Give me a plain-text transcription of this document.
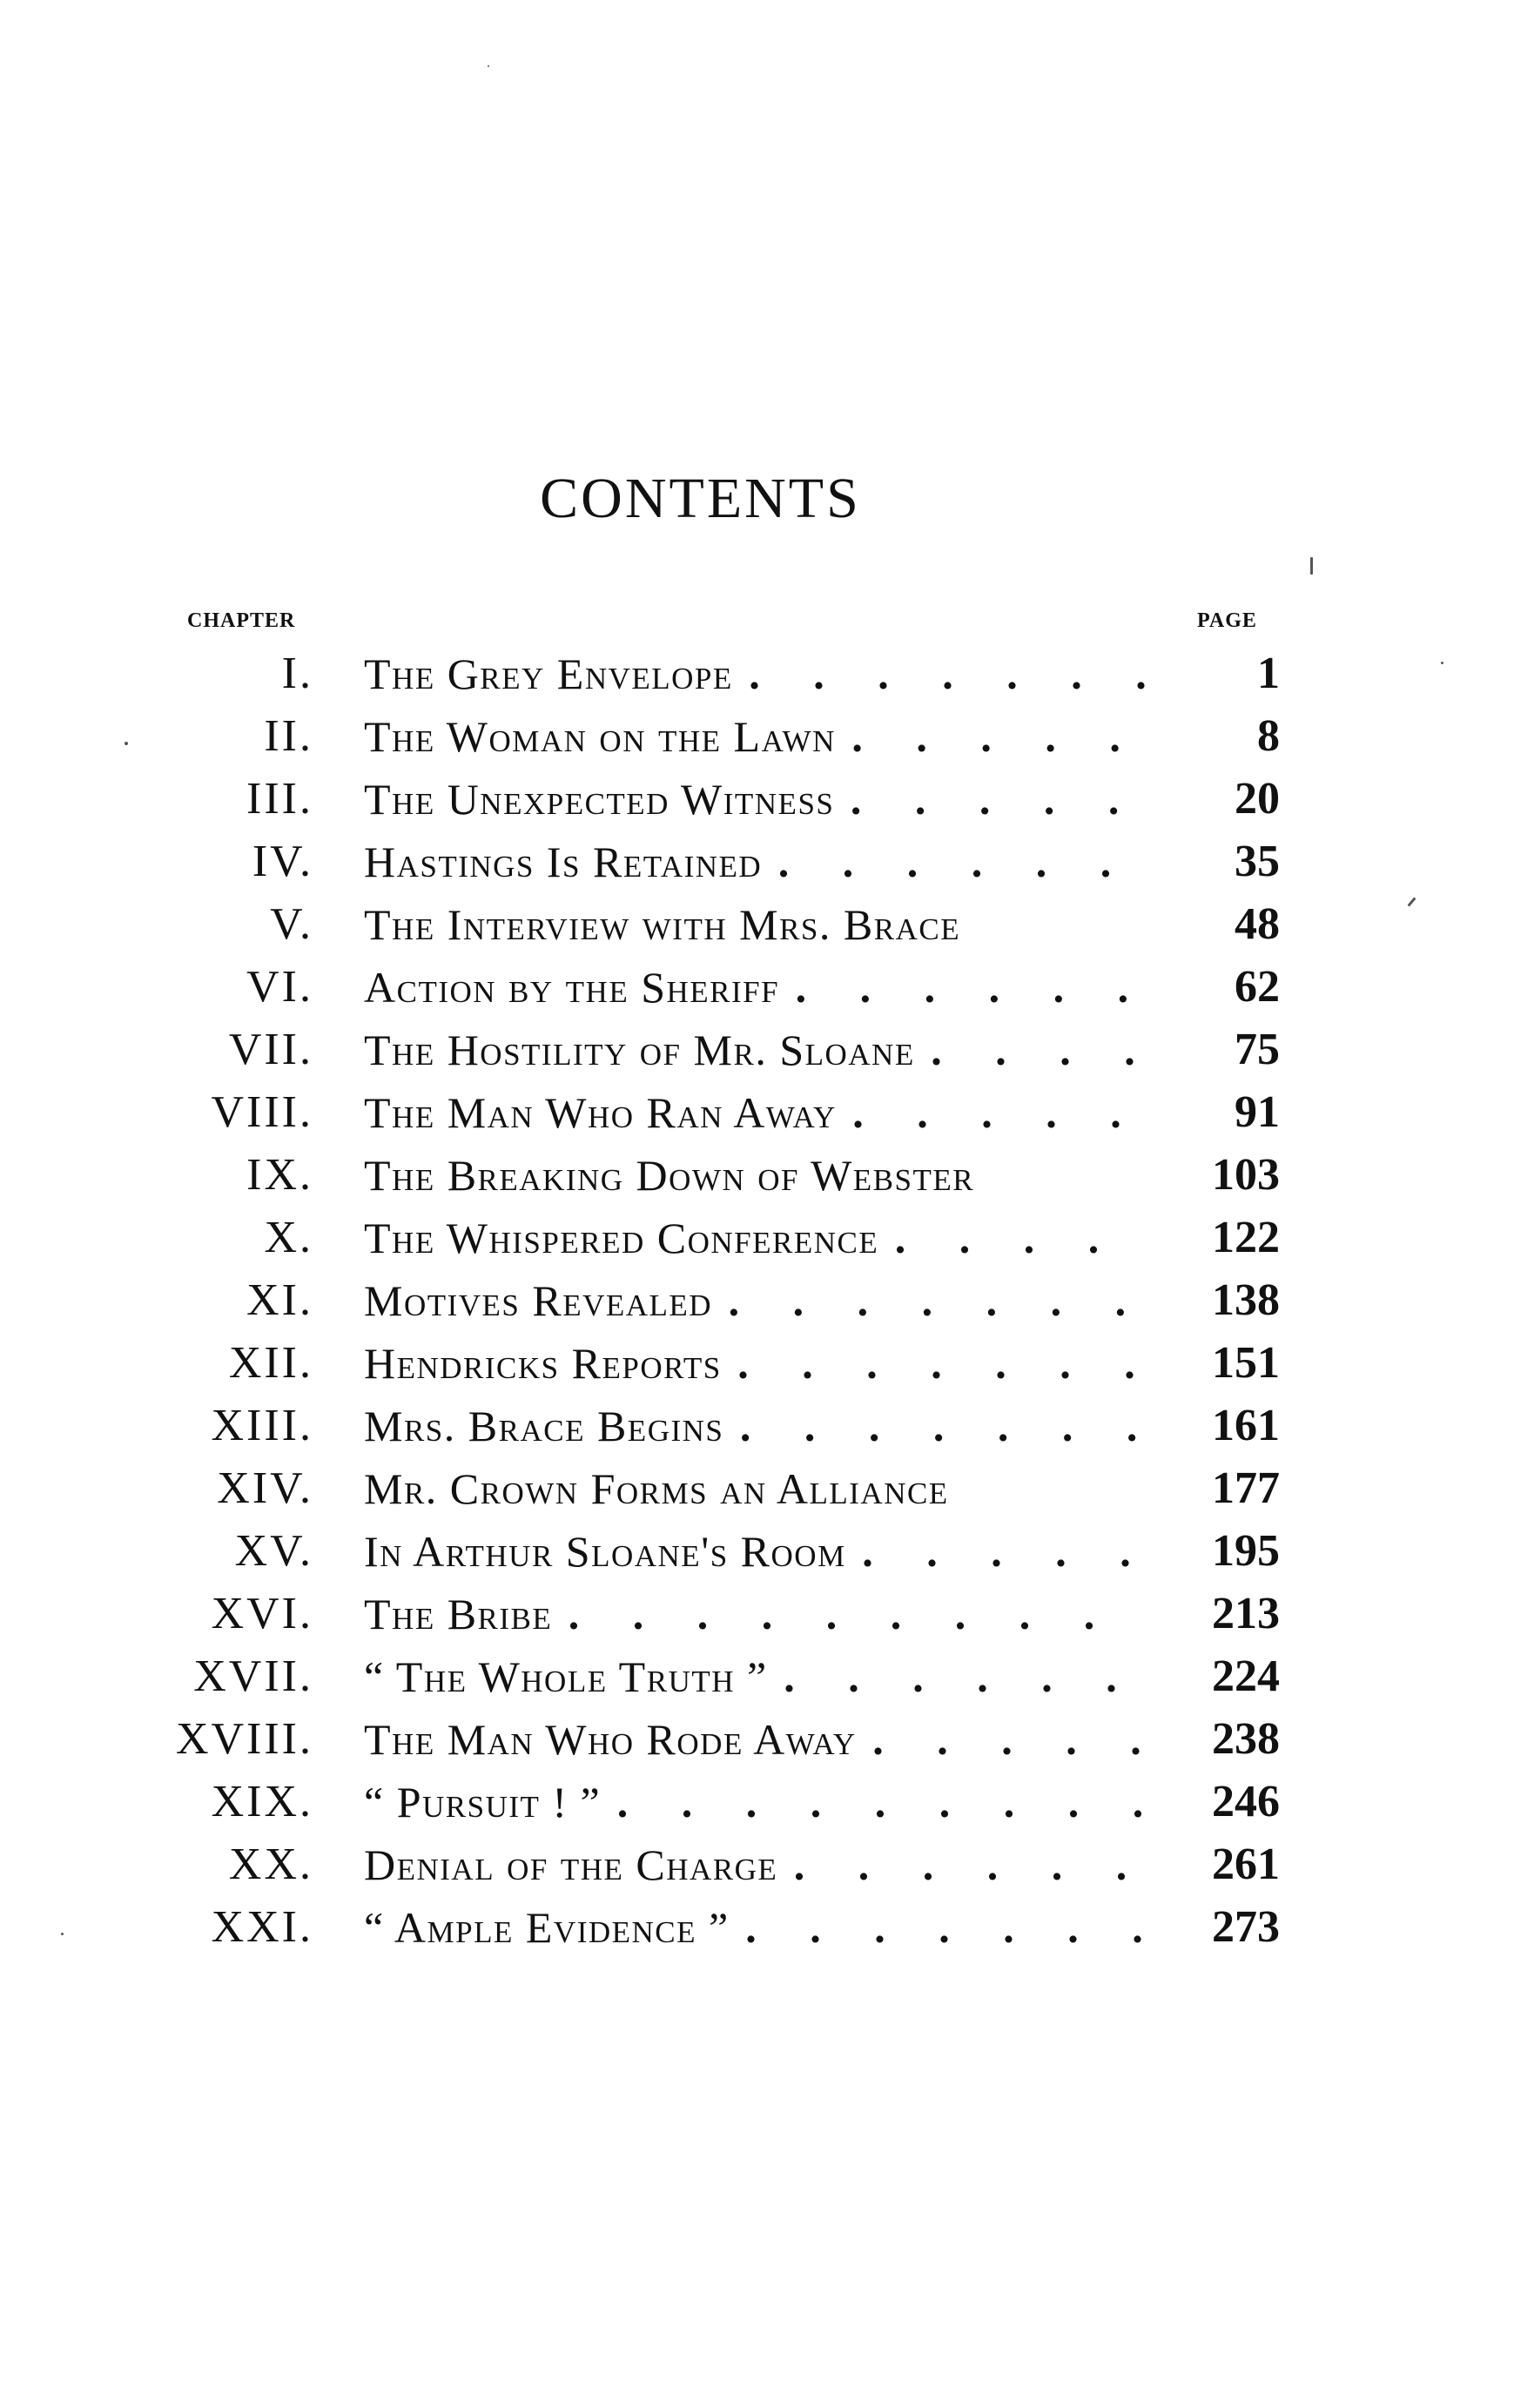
CONTENTS
CHAPTER	PAGE
I. The Grey Envelope . .	1
II. The Woman on the Lawn . .	8
III. The Unexpected Witness . .	20
IV. Hastings Is Retained . .	35
V. The Interview with Mrs. Brace	48
VI. Action by the Sheriff . .	62
VII. The Hostility of Mr. Sloane . .	75
VIII. The Man Who Ran Away . .	91
IX. The Breaking Down of Webster	103
X. The Whispered Conference . .	122
XI. Motives Revealed . .	138
XII. Hendricks Reports . .	151
XIII. Mrs. Brace Begins . .	161
XIV. Mr. Crown Forms an Alliance	177
XV. In Arthur Sloane's Room . .	195
XVI. The Bribe . .	213
XVII. “ The Whole Truth ” . .	224
XVIII. The Man Who Rode Away . .	238
XIX. “ Pursuit ! ” . .	246
XX. Denial of the Charge . .	261
XXI. “ Ample Evidence ” . .	273
